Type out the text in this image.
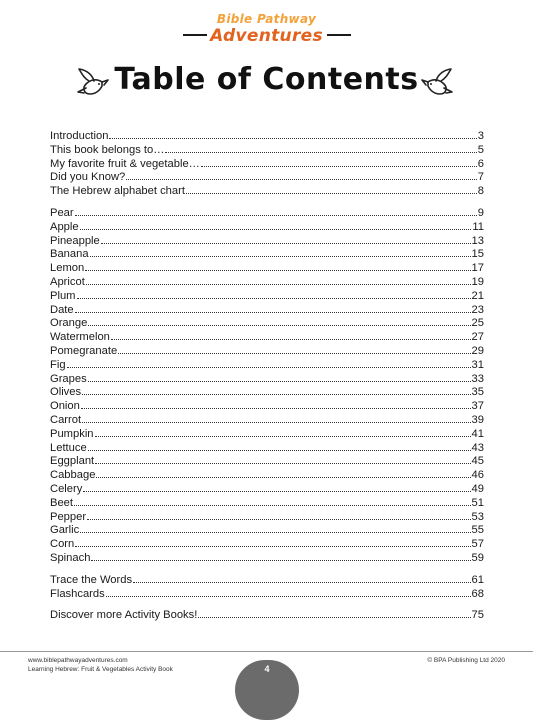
Bible Pathway
Adventures
Table of Contents
Introduction	3
This book belongs to…	5
My favorite fruit & vegetable…	6
Did you Know?	7
The Hebrew alphabet chart	8
Pear	9
Apple	11
Pineapple	13
Banana	15
Lemon	17
Apricot	19
Plum	21
Date	23
Orange	25
Watermelon	27
Pomegranate	29
Fig	31
Grapes	33
Olives	35
Onion	37
Carrot	39
Pumpkin	41
Lettuce	43
Eggplant	45
Cabbage	46
Celery	49
Beet	51
Pepper	53
Garlic	55
Corn	57
Spinach	59
Trace the Words	61
Flashcards	68
Discover more Activity Books!	75
www.biblepathwayadventures.com
Learning Hebrew: Fruit & Vegetables Activity Book
© BPA Publishing Ltd 2020
4
